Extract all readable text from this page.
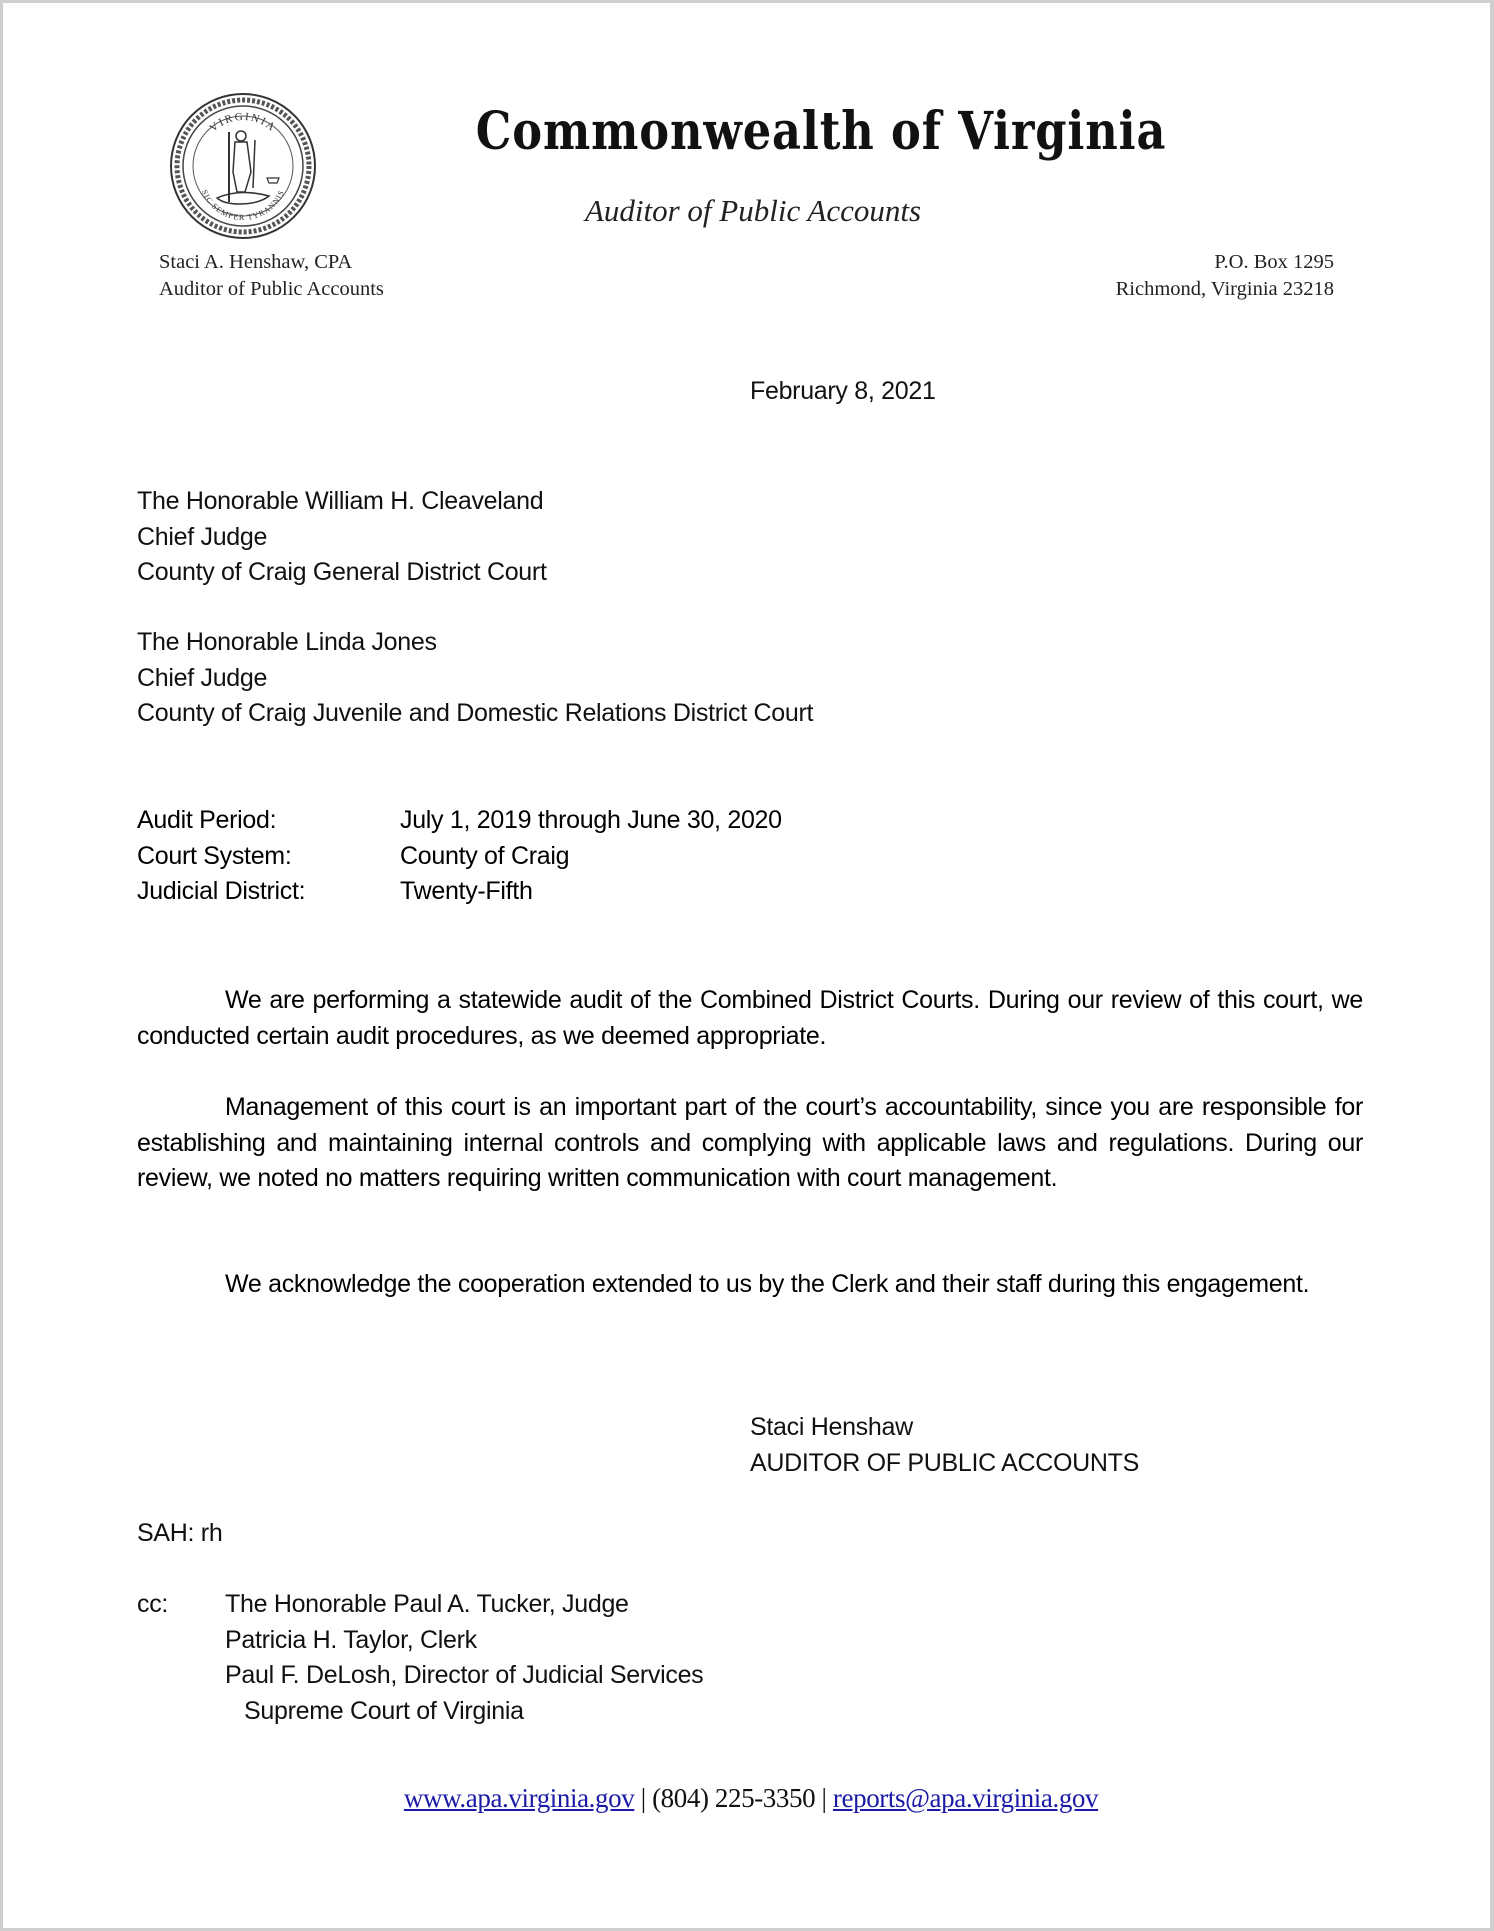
VIRGINIA
SIC SEMPER TYRANNIS
Commonwealth of Virginia
Auditor of Public Accounts
Staci A. Henshaw, CPA
Auditor of Public Accounts
P.O. Box 1295
Richmond, Virginia 23218
February 8, 2021
The Honorable William H. Cleaveland
Chief Judge
County of Craig General District Court
The Honorable Linda Jones
Chief Judge
County of Craig Juvenile and Domestic Relations District Court
Audit Period:	July 1, 2019 through June 30, 2020
Court System:	County of Craig
Judicial District:	Twenty-Fifth
We are performing a statewide audit of the Combined District Courts. During our review of this court, we conducted certain audit procedures, as we deemed appropriate.
Management of this court is an important part of the court’s accountability, since you are responsible for establishing and maintaining internal controls and complying with applicable laws and regulations. During our review, we noted no matters requiring written communication with court management.
We acknowledge the cooperation extended to us by the Clerk and their staff during this engagement.
Staci Henshaw
AUDITOR OF PUBLIC ACCOUNTS
SAH: rh
cc: The Honorable Paul A. Tucker, Judge
Patricia H. Taylor, Clerk
Paul F. DeLosh, Director of Judicial Services
Supreme Court of Virginia
www.apa.virginia.gov | (804) 225-3350 | reports@apa.virginia.gov
